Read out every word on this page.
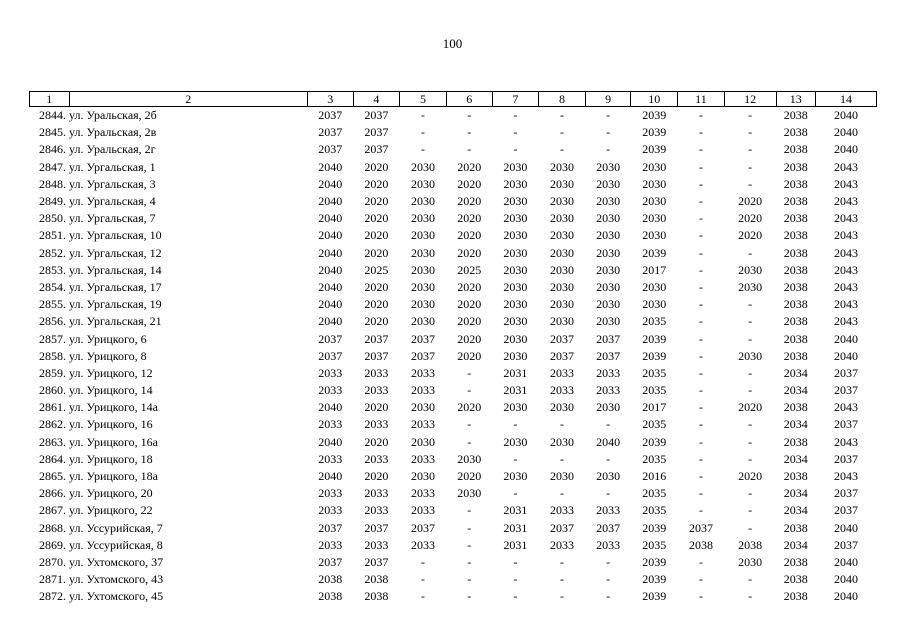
100
1	2	3	4	5	6	7	8	9	10	11	12	13	14
2844.	ул. Уральская, 2б	2037	2037	-	-	-	-	-	2039	-	-	2038	2040
2845.	ул. Уральская, 2в	2037	2037	-	-	-	-	-	2039	-	-	2038	2040
2846.	ул. Уральская, 2г	2037	2037	-	-	-	-	-	2039	-	-	2038	2040
2847.	ул. Ургальская, 1	2040	2020	2030	2020	2030	2030	2030	2030	-	-	2038	2043
2848.	ул. Ургальская, 3	2040	2020	2030	2020	2030	2030	2030	2030	-	-	2038	2043
2849.	ул. Ургальская, 4	2040	2020	2030	2020	2030	2030	2030	2030	-	2020	2038	2043
2850.	ул. Ургальская, 7	2040	2020	2030	2020	2030	2030	2030	2030	-	2020	2038	2043
2851.	ул. Ургальская, 10	2040	2020	2030	2020	2030	2030	2030	2030	-	2020	2038	2043
2852.	ул. Ургальская, 12	2040	2020	2030	2020	2030	2030	2030	2039	-	-	2038	2043
2853.	ул. Ургальская, 14	2040	2025	2030	2025	2030	2030	2030	2017	-	2030	2038	2043
2854.	ул. Ургальская, 17	2040	2020	2030	2020	2030	2030	2030	2030	-	2030	2038	2043
2855.	ул. Ургальская, 19	2040	2020	2030	2020	2030	2030	2030	2030	-	-	2038	2043
2856.	ул. Ургальская, 21	2040	2020	2030	2020	2030	2030	2030	2035	-	-	2038	2043
2857.	ул. Урицкого, 6	2037	2037	2037	2020	2030	2037	2037	2039	-	-	2038	2040
2858.	ул. Урицкого, 8	2037	2037	2037	2020	2030	2037	2037	2039	-	2030	2038	2040
2859.	ул. Урицкого, 12	2033	2033	2033	-	2031	2033	2033	2035	-	-	2034	2037
2860.	ул. Урицкого, 14	2033	2033	2033	-	2031	2033	2033	2035	-	-	2034	2037
2861.	ул. Урицкого, 14а	2040	2020	2030	2020	2030	2030	2030	2017	-	2020	2038	2043
2862.	ул. Урицкого, 16	2033	2033	2033	-	-	-	-	2035	-	-	2034	2037
2863.	ул. Урицкого, 16а	2040	2020	2030	-	2030	2030	2040	2039	-	-	2038	2043
2864.	ул. Урицкого, 18	2033	2033	2033	2030	-	-	-	2035	-	-	2034	2037
2865.	ул. Урицкого, 18а	2040	2020	2030	2020	2030	2030	2030	2016	-	2020	2038	2043
2866.	ул. Урицкого, 20	2033	2033	2033	2030	-	-	-	2035	-	-	2034	2037
2867.	ул. Урицкого, 22	2033	2033	2033	-	2031	2033	2033	2035	-	-	2034	2037
2868.	ул. Уссурийская, 7	2037	2037	2037	-	2031	2037	2037	2039	2037	-	2038	2040
2869.	ул. Уссурийская, 8	2033	2033	2033	-	2031	2033	2033	2035	2038	2038	2034	2037
2870.	ул. Ухтомского, 37	2037	2037	-	-	-	-	-	2039	-	2030	2038	2040
2871.	ул. Ухтомского, 43	2038	2038	-	-	-	-	-	2039	-	-	2038	2040
2872.	ул. Ухтомского, 45	2038	2038	-	-	-	-	-	2039	-	-	2038	2040
